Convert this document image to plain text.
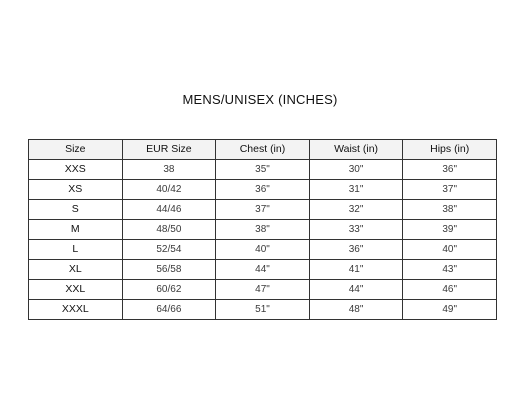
MENS/UNISEX (INCHES)
Size	EUR Size	Chest (in)	Waist (in)	Hips (in)
XXS	38	35"	30"	36"
XS	40/42	36"	31"	37"
S	44/46	37"	32"	38"
M	48/50	38"	33"	39"
L	52/54	40"	36"	40"
XL	56/58	44"	41"	43"
XXL	60/62	47"	44"	46"
XXXL	64/66	51"	48"	49"
